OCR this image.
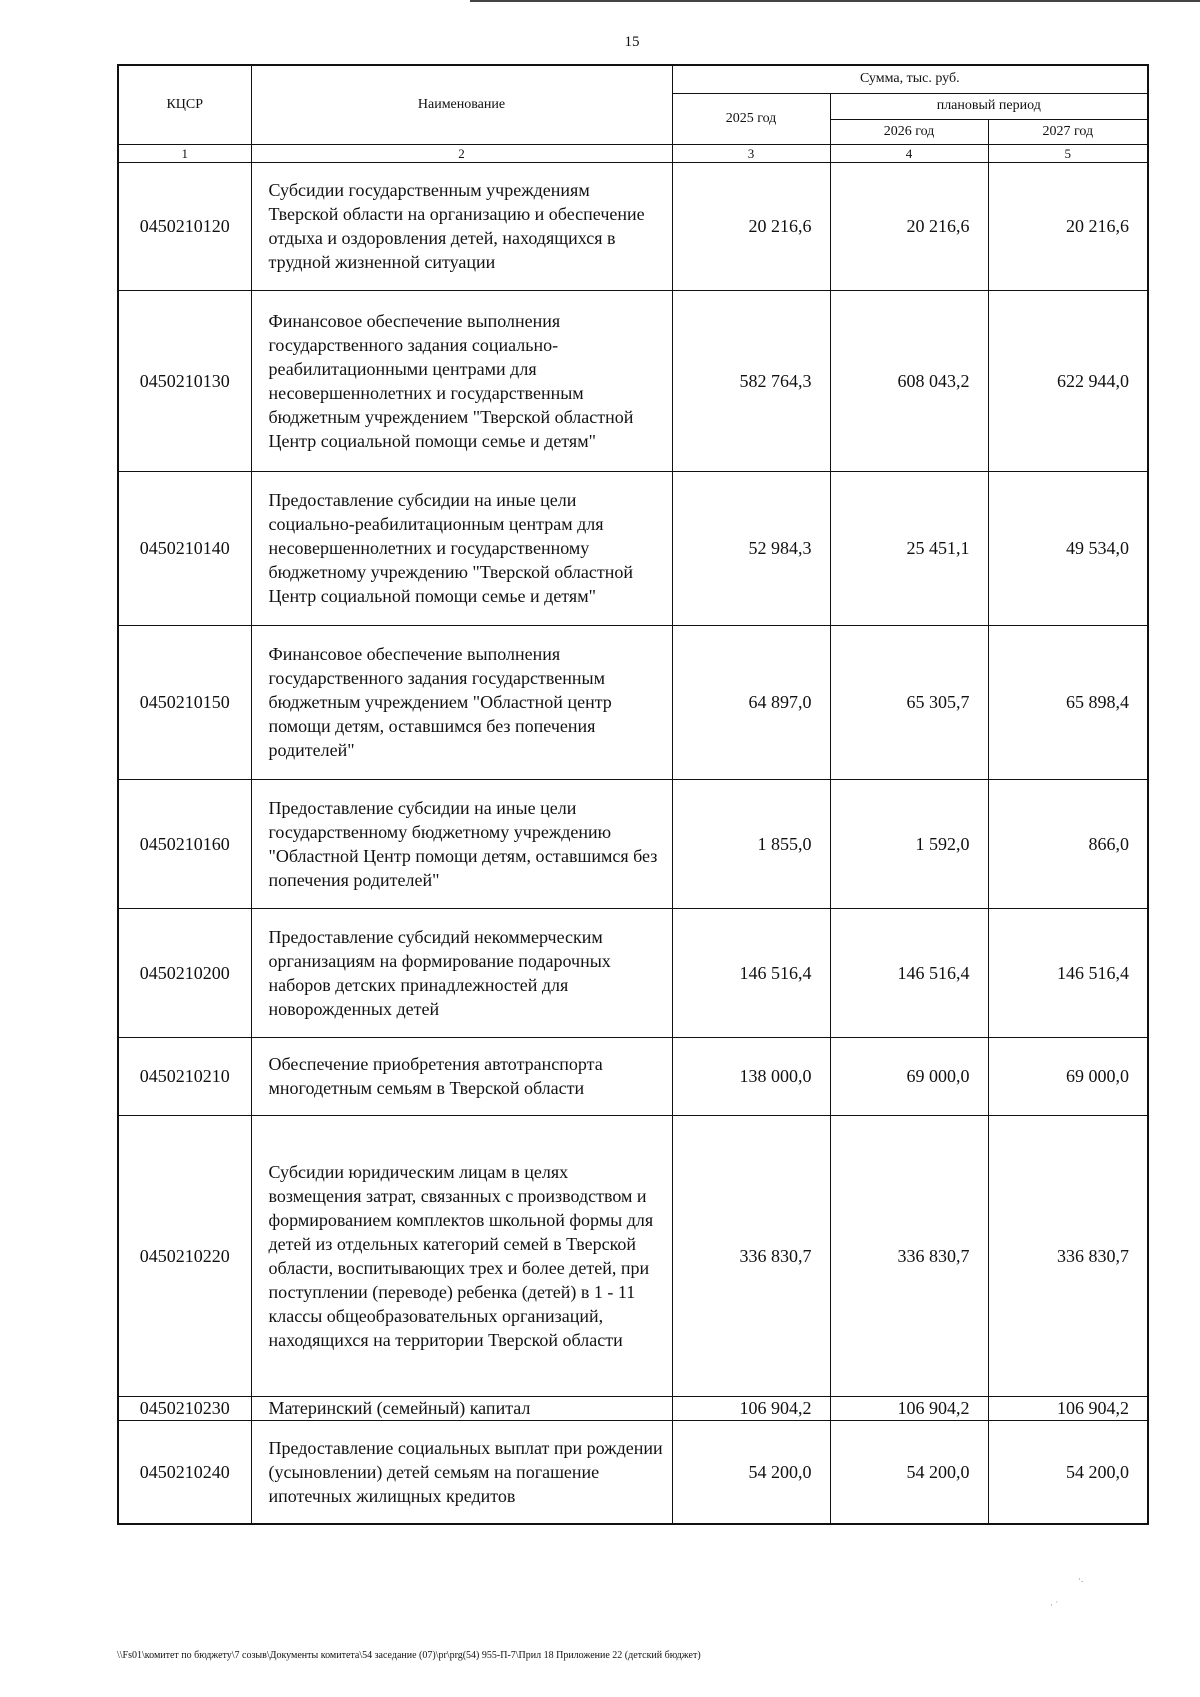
15
КЦСР	Наименование	Сумма, тыс. руб.		
		2025 год	плановый период	
			2026 год	2027 год
1	2	3	4	5
0450210120	Субсидии государственным учреждениям Тверской области на организацию и обеспечение отдыха и оздоровления детей, находящихся в трудной жизненной ситуации	20 216,6	20 216,6	20 216,6
0450210130	Финансовое обеспечение выполнения государственного задания социально-реабилитационными центрами для несовершеннолетних и государственным бюджетным учреждением "Тверской областной Центр социальной помощи семье и детям"	582 764,3	608 043,2	622 944,0
0450210140	Предоставление субсидии на иные цели социально-реабилитационным центрам для несовершеннолетних и государственному бюджетному учреждению "Тверской областной Центр социальной помощи семье и детям"	52 984,3	25 451,1	49 534,0
0450210150	Финансовое обеспечение выполнения государственного задания государственным бюджетным учреждением "Областной центр помощи детям, оставшимся без попечения родителей"	64 897,0	65 305,7	65 898,4
0450210160	Предоставление субсидии на иные цели государственному бюджетному учреждению "Областной Центр помощи детям, оставшимся без попечения родителей"	1 855,0	1 592,0	866,0
0450210200	Предоставление субсидий некоммерческим организациям на формирование подарочных наборов детских принадлежностей для новорожденных детей	146 516,4	146 516,4	146 516,4
0450210210	Обеспечение приобретения автотранспорта многодетным семьям в Тверской области	138 000,0	69 000,0	69 000,0
0450210220	Субсидии юридическим лицам в целях возмещения затрат, связанных с производством и формированием комплектов школьной формы для детей из отдельных категорий семей в Тверской области, воспитывающих трех и более детей, при поступлении (переводе) ребенка (детей) в 1 - 11 классы общеобразовательных организаций, находящихся на территории Тверской области	336 830,7	336 830,7	336 830,7
0450210230	Материнский (семейный) капитал	106 904,2	106 904,2	106 904,2
0450210240	Предоставление социальных выплат при рождении (усыновлении) детей семьям на погашение ипотечных жилищных кредитов	54 200,0	54 200,0	54 200,0
·.
· ˙
\\Fs01\комитет по бюджету\7 созыв\Документы комитета\54 заседание (07)\pr\prg(54) 955-П-7\Прил 18 Приложение 22 (детский бюджет)
